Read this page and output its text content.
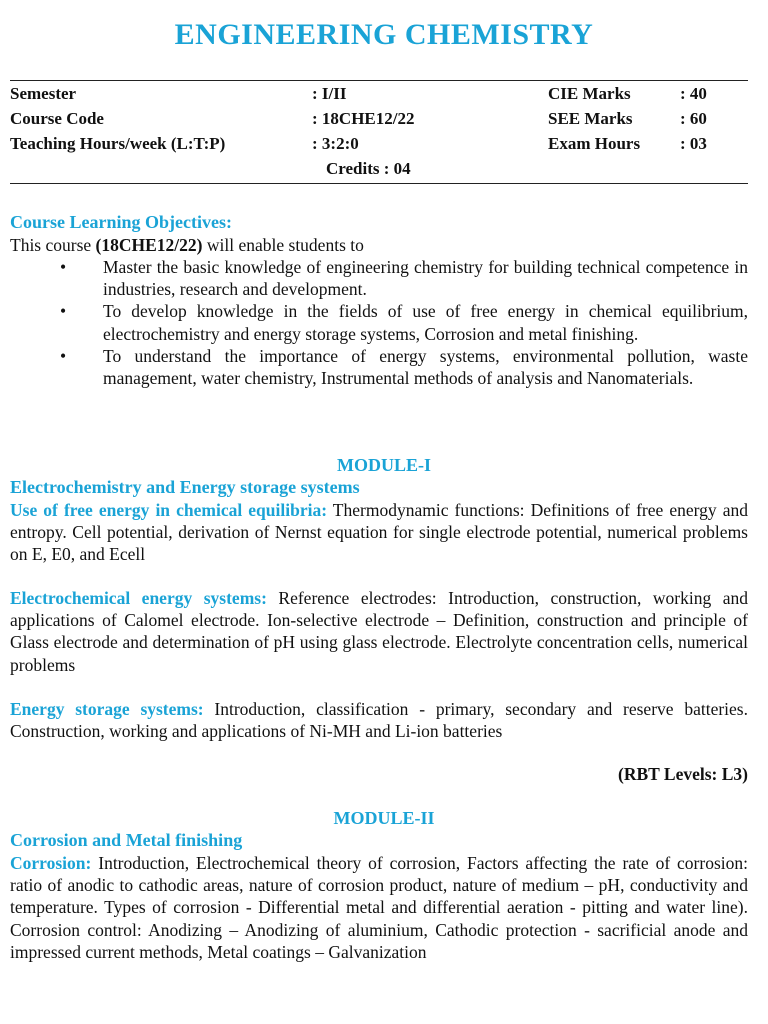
ENGINEERING CHEMISTRY
Semester	: I/II	CIE Marks	: 40
Course Code	: 18CHE12/22	SEE Marks	: 60
Teaching Hours/week (L:T:P)	: 3:2:0	Exam Hours : 03
Credits : 04
Course Learning Objectives:
This course (18CHE12/22) will enable students to
• Master the basic knowledge of engineering chemistry for building technical competence in industries, research and development.
• To develop knowledge in the fields of use of free energy in chemical equilibrium, electrochemistry and energy storage systems, Corrosion and metal finishing.
• To understand the importance of energy systems, environmental pollution, waste management, water chemistry, Instrumental methods of analysis and Nanomaterials.
MODULE-I
Electrochemistry and Energy storage systems
Use of free energy in chemical equilibria: Thermodynamic functions: Definitions of free energy and entropy. Cell potential, derivation of Nernst equation for single electrode potential, numerical problems on E, E0, and Ecell
Electrochemical energy systems: Reference electrodes: Introduction, construction, working and applications of Calomel electrode. Ion-selective electrode – Definition, construction and principle of Glass electrode and determination of pH using glass electrode. Electrolyte concentration cells, numerical problems
Energy storage systems: Introduction, classification - primary, secondary and reserve batteries. Construction, working and applications of Ni-MH and Li-ion batteries
(RBT Levels: L3)
MODULE-II
Corrosion and Metal finishing
Corrosion: Introduction, Electrochemical theory of corrosion, Factors affecting the rate of corrosion: ratio of anodic to cathodic areas, nature of corrosion product, nature of medium – pH, conductivity and temperature. Types of corrosion - Differential metal and differential aeration - pitting and water line). Corrosion control: Anodizing – Anodizing of aluminium, Cathodic protection - sacrificial anode and impressed current methods, Metal coatings – Galvanization
